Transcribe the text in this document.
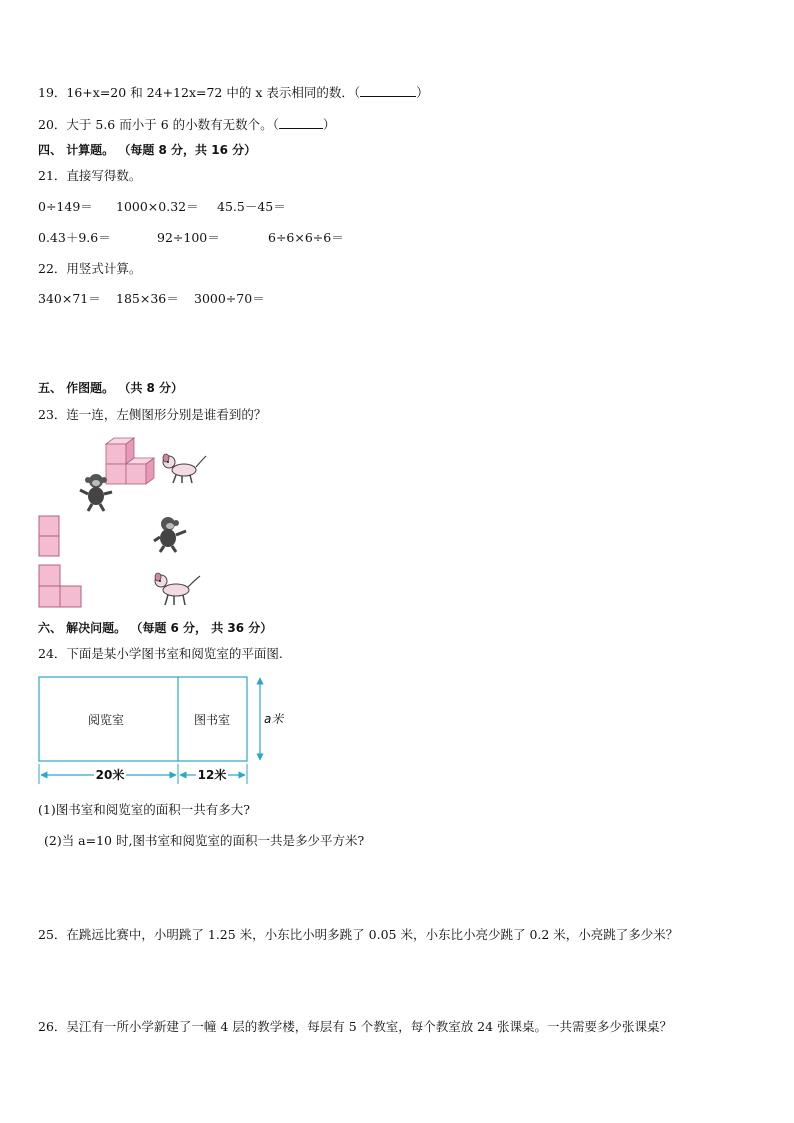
19．16+x=20 和 24+12x=72 中的 x 表示相同的数．（	）
20．大于 5.6 而小于 6 的小数有无数个。（	）
四、 计算题。 （每题 8 分，共 16 分）
21．直接写得数。
0÷149＝ 1000×0.32＝ 45.5－45＝
0.43＋9.6＝	92÷100＝	6÷6×6÷6＝
22．用竖式计算。
340×71＝ 185×36＝ 3000÷70＝
五、 作图题。 （共 8 分）
23．连一连，左侧图形分别是谁看到的？
六、 解决问题。 （每题 6 分， 共 36 分）
24．下面是某小学图书室和阅览室的平面图.
阅览室	图书室	a米
20米	12米
(1)图书室和阅览室的面积一共有多大?
(2)当 a=10 时,图书室和阅览室的面积一共是多少平方米?
25．在跳远比赛中，小明跳了 1.25 米，小东比小明多跳了 0.05 米，小东比小亮少跳了 0.2 米，小亮跳了多少米？
26．吴江有一所小学新建了一幢 4 层的教学楼，每层有 5 个教室，每个教室放 24 张课桌。一共需要多少张课桌？
